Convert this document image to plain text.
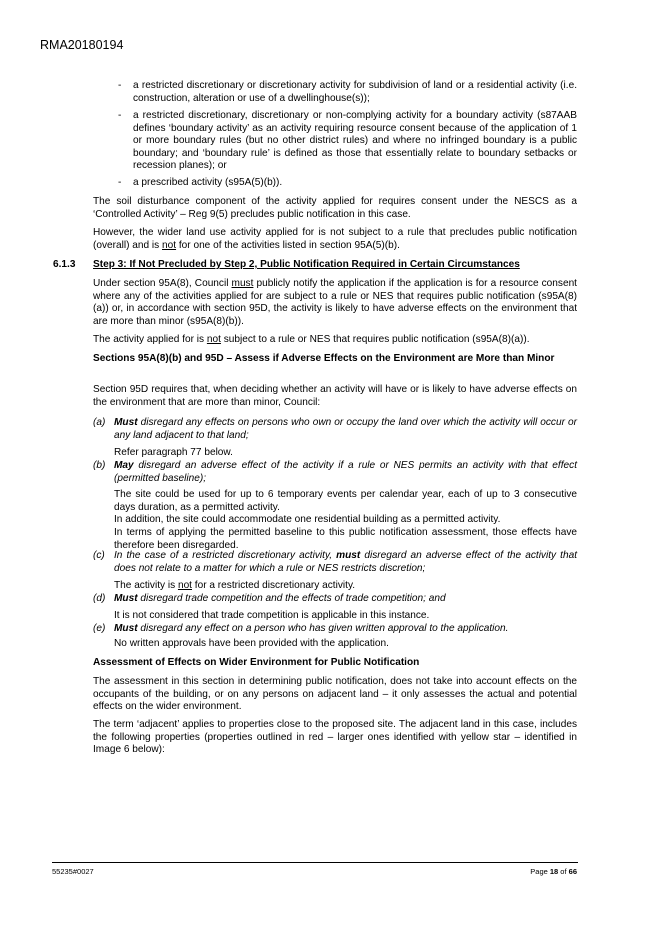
RMA20180194
- a restricted discretionary or discretionary activity for subdivision of land or a residential activity (i.e. construction, alteration or use of a dwellinghouse(s));
- a restricted discretionary, discretionary or non-complying activity for a boundary activity (s87AAB defines ‘boundary activity’ as an activity requiring resource consent because of the application of 1 or more boundary rules (but no other district rules) and where no infringed boundary is a public boundary; and ‘boundary rule’ is defined as those that essentially relate to boundary setbacks or recession planes); or
- a prescribed activity (s95A(5)(b)).
The soil disturbance component of the activity applied for requires consent under the NESCS as a ‘Controlled Activity’ – Reg 9(5) precludes public notification in this case.
However, the wider land use activity applied for is not subject to a rule that precludes public notification (overall) and is not for one of the activities listed in section 95A(5)(b).
6.1.3 Step 3: If Not Precluded by Step 2, Public Notification Required in Certain Circumstances
Under section 95A(8), Council must publicly notify the application if the application is for a resource consent where any of the activities applied for are subject to a rule or NES that requires public notification (s95A(8)(a)) or, in accordance with section 95D, the activity is likely to have adverse effects on the environment that are more than minor (s95A(8)(b)).
The activity applied for is not subject to a rule or NES that requires public notification (s95A(8)(a)).
Sections 95A(8)(b) and 95D – Assess if Adverse Effects on the Environment are More than Minor
Section 95D requires that, when deciding whether an activity will have or is likely to have adverse effects on the environment that are more than minor, Council:
(a) Must disregard any effects on persons who own or occupy the land over which the activity will occur or any land adjacent to that land;
Refer paragraph 77 below.
(b) May disregard an adverse effect of the activity if a rule or NES permits an activity with that effect (permitted baseline);
The site could be used for up to 6 temporary events per calendar year, each of up to 3 consecutive days duration, as a permitted activity.
In addition, the site could accommodate one residential building as a permitted activity.
In terms of applying the permitted baseline to this public notification assessment, those effects have therefore been disregarded.
(c) In the case of a restricted discretionary activity, must disregard an adverse effect of the activity that does not relate to a matter for which a rule or NES restricts discretion;
The activity is not for a restricted discretionary activity.
(d) Must disregard trade competition and the effects of trade competition; and
It is not considered that trade competition is applicable in this instance.
(e) Must disregard any effect on a person who has given written approval to the application.
No written approvals have been provided with the application.
Assessment of Effects on Wider Environment for Public Notification
The assessment in this section in determining public notification, does not take into account effects on the occupants of the building, or on any persons on adjacent land – it only assesses the actual and potential effects on the wider environment.
The term ‘adjacent’ applies to properties close to the proposed site. The adjacent land in this case, includes the following properties (properties outlined in red – larger ones identified with yellow star – identified in Image 6 below):
55235#0027	Page 18 of 66
